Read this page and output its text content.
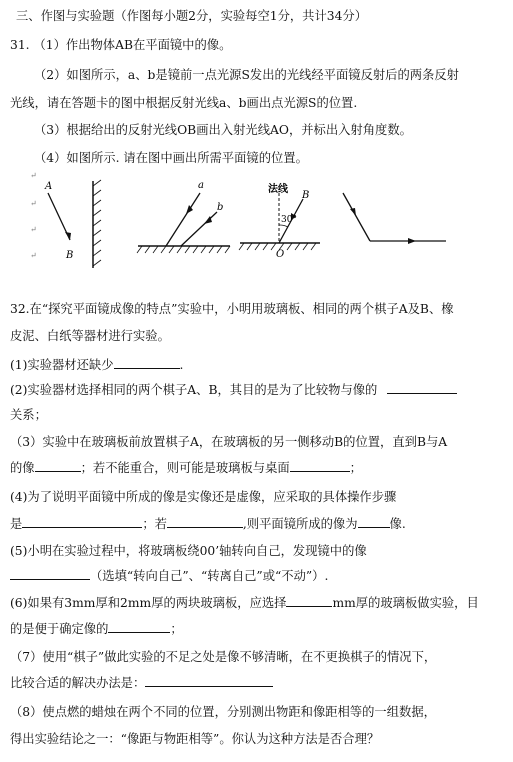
三、作图与实验题（作图每小题2分，实验每空1分，共计34分）
31. （1）作出物体AB在平面镜中的像。
（2）如图所示，a、b是镜前一点光源S发出的光线经平面镜反射后的两条反射
光线，请在答题卡的图中根据反射光线a、b画出点光源S的位置.
（3）根据给出的反射光线OB画出入射光线AO，并标出入射角度数。
（4）如图所示. 请在图中画出所需平面镜的位置。
A
B
↵
↵
↵
↵
a
b
法线
B
30°
O
32.在“探究平面镜成像的特点”实验中，小明用玻璃板、相同的两个棋子A及B、橡
皮泥、白纸等器材进行实验。
(1)实验器材还缺少	.
(2)实验器材选择相同的两个棋子A、B，其目的是为了比较物与像的
关系；
（3）实验中在玻璃板前放置棋子A，在玻璃板的另一侧移动B的位置，直到B与A
的像	；若不能重合，则可能是玻璃板与桌面	；
(4)为了说明平面镜中所成的像是实像还是虚像，应采取的具体操作步骤
是	；若	,则平面镜所成的像为	像.
(5)小明在实验过程中，将玻璃板绕00’轴转向自己，发现镜中的像
（选填“转向自己”、“转离自己”或“不动”）.
(6)如果有3mm厚和2mm厚的两块玻璃板，应选择	mm厚的玻璃板做实验，目
的是便于确定像的	；
（7）使用“棋子”做此实验的不足之处是像不够清晰，在不更换棋子的情况下，
比较合适的解决办法是：
（8）使点燃的蜡烛在两个不同的位置，分别测出物距和像距相等的一组数据，
得出实验结论之一：“像距与物距相等”。你认为这种方法是否合理？
